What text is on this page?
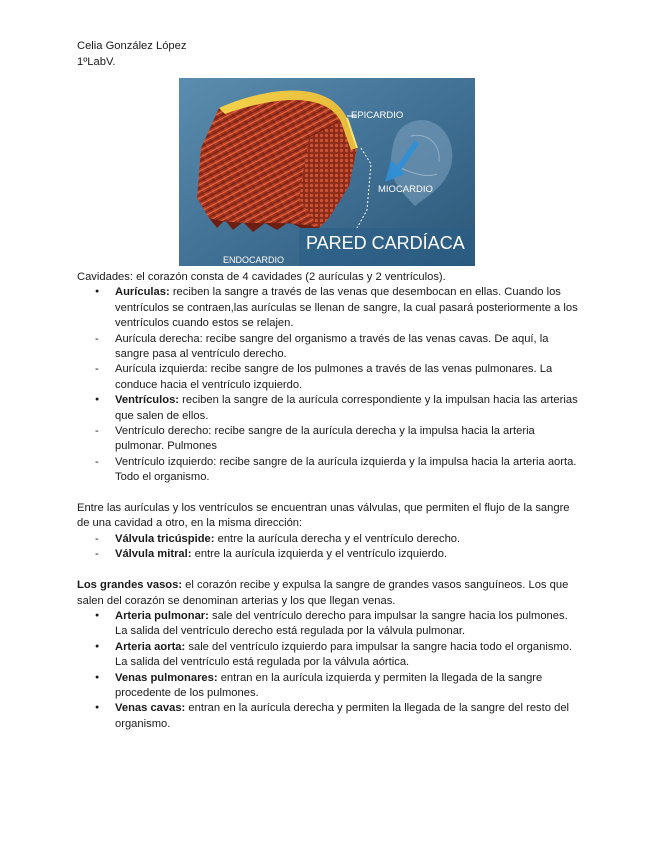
Celia González López
1ºLabV.
EPICARDIO
MIOCARDIO
PARED CARDÍACA
ENDOCARDIO

Cavidades: el corazón consta de 4 cavidades (2 aurículas y 2 ventrículos).

●
Aurículas: reciben la sangre a través de las venas que desembocan en ellas. Cuando los ventrículos se contraen,las aurículas se llenan de sangre, la cual pasará posteriormente a los ventrículos cuando estos se relajen.
-
Aurícula derecha: recibe sangre del organismo a través de las venas cavas. De aquí, la sangre pasa al ventrículo derecho.
-
Aurícula izquierda: recibe sangre de los pulmones a través de las venas pulmonares. La conduce hacia el ventrículo izquierdo.
●
Ventrículos: reciben la sangre de la aurícula correspondiente y la impulsan hacia las arterias que salen de ellos.
-
Ventrículo derecho: recibe sangre de la aurícula derecha y la impulsa hacia la arteria pulmonar. Pulmones
-
Ventrículo izquierdo: recibe sangre de la aurícula izquierda y la impulsa hacia la arteria aorta. Todo el organismo.

Entre las aurículas y los ventrículos se encuentran unas válvulas, que permiten el flujo de la sangre de una cavidad a otro, en la misma dirección:

-
Válvula tricúspide: entre la aurícula derecha y el ventrículo derecho.
-
Válvula mitral: entre la aurícula izquierda y el ventrículo izquierdo.

Los grandes vasos: el corazón recibe y expulsa la sangre de grandes vasos sanguíneos. Los que salen del corazón se denominan arterias y los que llegan venas.

●
Arteria pulmonar: sale del ventrículo derecho para impulsar la sangre hacia los pulmones. La salida del ventrículo derecho está regulada por la válvula pulmonar.
●
Arteria aorta: sale del ventrículo izquierdo para impulsar la sangre hacia todo el organismo. La salida del ventrículo está regulada por la válvula aórtica.
●
Venas pulmonares: entran en la aurícula izquierda y permiten la llegada de la sangre procedente de los pulmones.
●
Venas cavas: entran en la aurícula derecha y permiten la llegada de la sangre del resto del organismo.
